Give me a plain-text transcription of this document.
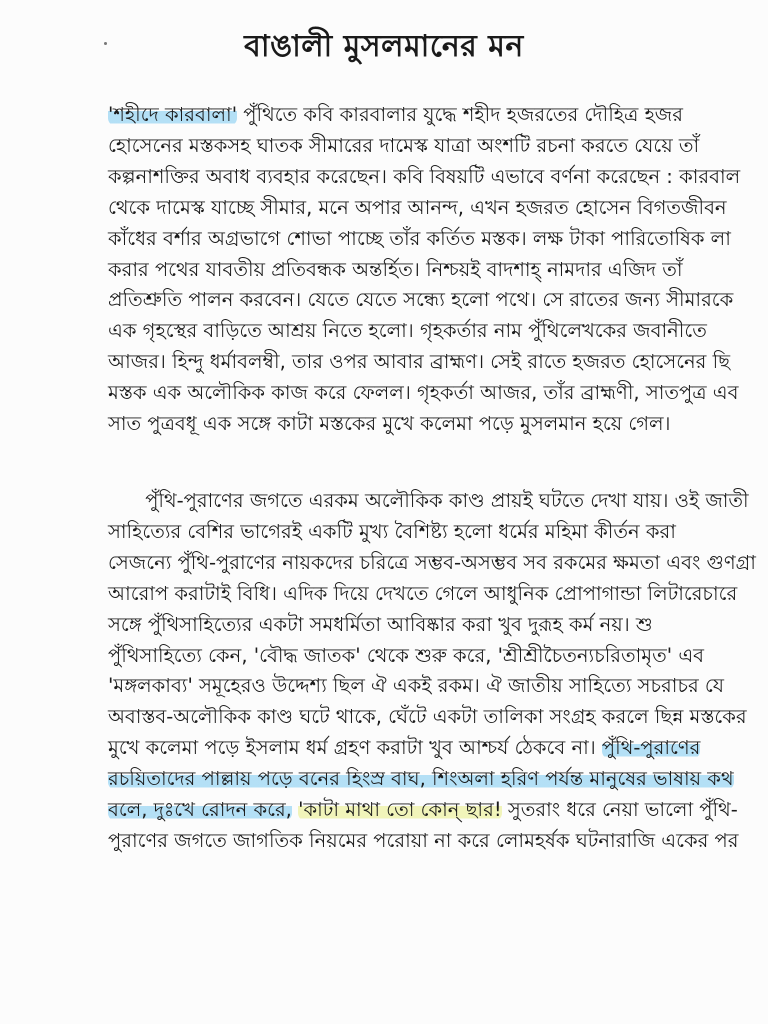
বাঙালী মুসলমানের মন
'শহীদে কারবালা' পুঁথিতে কবি কারবালার যুদ্ধে শহীদ হজরতের দৌহিত্র হজর
হোসেনের মস্তকসহ ঘাতক সীমারের দামেস্ক যাত্রা অংশটি রচনা করতে যেয়ে তাঁ
কল্পনাশক্তির অবাধ ব্যবহার করেছেন। কবি বিষয়টি এভাবে বর্ণনা করেছেন : কারবাল
থেকে দামেস্ক যাচ্ছে সীমার, মনে অপার আনন্দ, এখন হজরত হোসেন বিগতজীবন
কাঁধের বর্শার অগ্রভাগে শোভা পাচ্ছে তাঁর কর্তিত মস্তক। লক্ষ টাকা পারিতোষিক লা
করার পথের যাবতীয় প্রতিবন্ধক অন্তর্হিত। নিশ্চয়ই বাদশাহ্ নামদার এজিদ তাঁ
প্রতিশ্রুতি পালন করবেন। যেতে যেতে সন্ধ্যে হলো পথে। সে রাতের জন্য সীমারকে
এক গৃহস্থের বাড়িতে আশ্রয় নিতে হলো। গৃহকর্তার নাম পুঁথিলেখকের জবানীতে
আজর। হিন্দু ধর্মাবলম্বী, তার ওপর আবার ব্রাহ্মণ। সেই রাতে হজরত হোসেনের ছি
মস্তক এক অলৌকিক কাজ করে ফেলল। গৃহকর্তা আজর, তাঁর ব্রাহ্মণী, সাতপুত্র এব
সাত পুত্রবধূ এক সঙ্গে কাটা মস্তকের মুখে কলেমা পড়ে মুসলমান হয়ে গেল।
পুঁথি-পুরাণের জগতে এরকম অলৌকিক কাণ্ড প্রায়ই ঘটতে দেখা যায়। ওই জাতী
সাহিত্যের বেশির ভাগেরই একটি মুখ্য বৈশিষ্ট্য হলো ধর্মের মহিমা কীর্তন করা
সেজন্যে পুঁথি-পুরাণের নায়কদের চরিত্রে সম্ভব-অসম্ভব সব রকমের ক্ষমতা এবং গুণগ্রা
আরোপ করাটাই বিধি। এদিক দিয়ে দেখতে গেলে আধুনিক প্রোপাগান্ডা লিটারেচারে
সঙ্গে পুঁথিসাহিত্যের একটা সমধর্মিতা আবিষ্কার করা খুব দুরূহ কর্ম নয়। শু
পুঁথিসাহিত্যে কেন, 'বৌদ্ধ জাতক' থেকে শুরু করে, 'শ্রীশ্রীচৈতন্যচরিতামৃত' এব
'মঙ্গলকাব্য' সমূহেরও উদ্দেশ্য ছিল ঐ একই রকম। ঐ জাতীয় সাহিত্যে সচরাচর যে
অবাস্তব-অলৌকিক কাণ্ড ঘটে থাকে, ঘেঁটে একটা তালিকা সংগ্রহ করলে ছিন্ন মস্তকের
মুখে কলেমা পড়ে ইসলাম ধর্ম গ্রহণ করাটা খুব আশ্চর্য ঠেকবে না। পুঁথি-পুরাণের
রচয়িতাদের পাল্লায় পড়ে বনের হিংস্র বাঘ, শিংঅলা হরিণ পর্যন্ত মানুষের ভাষায় কথ
বলে, দুঃখে রোদন করে, 'কাটা মাথা তো কোন্ ছার! সুতরাং ধরে নেয়া ভালো পুঁথি-
পুরাণের জগতে জাগতিক নিয়মের পরোয়া না করে লোমহর্ষক ঘটনারাজি একের পর
